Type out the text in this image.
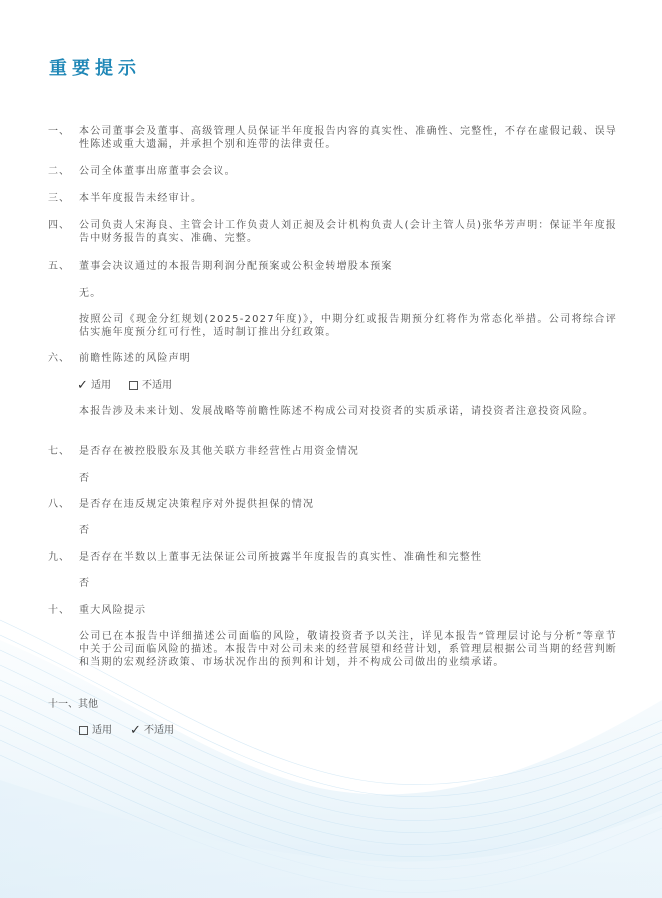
重要提示
一、 本公司董事会及董事、高级管理人员保证半年度报告内容的真实性、准确性、完整性，不存在虚假记载、误导性陈述或重大遗漏，并承担个别和连带的法律责任。
二、 公司全体董事出席董事会会议。
三、 本半年度报告未经审计。
四、 公司负责人宋海良、主管会计工作负责人刘正昶及会计机构负责人(会计主管人员)张华芳声明：保证半年度报告中财务报告的真实、准确、完整。
五、 董事会决议通过的本报告期利润分配预案或公积金转增股本预案
无。
按照公司《现金分红规划(2025-2027年度)》，中期分红或报告期预分红将作为常态化举措。公司将综合评估实施年度预分红可行性，适时制订推出分红政策。
六、 前瞻性陈述的风险声明
✓ 适用	不适用
本报告涉及未来计划、发展战略等前瞻性陈述不构成公司对投资者的实质承诺，请投资者注意投资风险。
七、 是否存在被控股股东及其他关联方非经营性占用资金情况
否
八、 是否存在违反规定决策程序对外提供担保的情况
否
九、 是否存在半数以上董事无法保证公司所披露半年度报告的真实性、准确性和完整性
否
十、 重大风险提示
公司已在本报告中详细描述公司面临的风险，敬请投资者予以关注，详见本报告“管理层讨论与分析”等章节中关于公司面临风险的描述。本报告中对公司未来的经营展望和经营计划，系管理层根据公司当期的经营判断和当期的宏观经济政策、市场状况作出的预判和计划，并不构成公司做出的业绩承诺。
十一、其他
适用 ✓ 不适用
